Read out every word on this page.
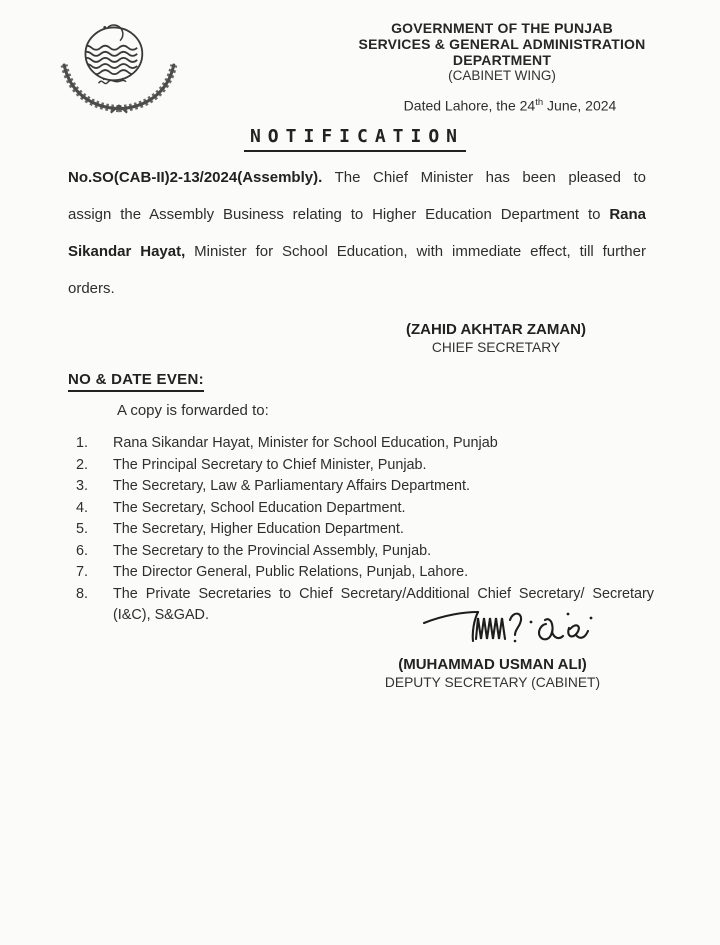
GOVERNMENT OF THE PUNJAB
SERVICES & GENERAL ADMINISTRATION
DEPARTMENT
(CABINET WING)
Dated Lahore, the 24th June, 2024
NOTIFICATION

No.SO(CAB-II)2-13/2024(Assembly). The Chief Minister has been pleased to assign the Assembly Business relating to Higher Education Department to Rana Sikandar Hayat, Minister for School Education, with immediate effect, till further orders.

(ZAHID AKHTAR ZAMAN)
CHIEF SECRETARY
NO & DATE EVEN:
A copy is forwarded to:
1.	Rana Sikandar Hayat, Minister for School Education, Punjab
2.	The Principal Secretary to Chief Minister, Punjab.
3.	The Secretary, Law & Parliamentary Affairs Department.
4.	The Secretary, School Education Department.
5.	The Secretary, Higher Education Department.
6.	The Secretary to the Provincial Assembly, Punjab.
7.	The Director General, Public Relations, Punjab, Lahore.
8.	The Private Secretaries to Chief Secretary/Additional Chief Secretary/ Secretary (I&C), S&GAD.
(MUHAMMAD USMAN ALI)
DEPUTY SECRETARY (CABINET)
